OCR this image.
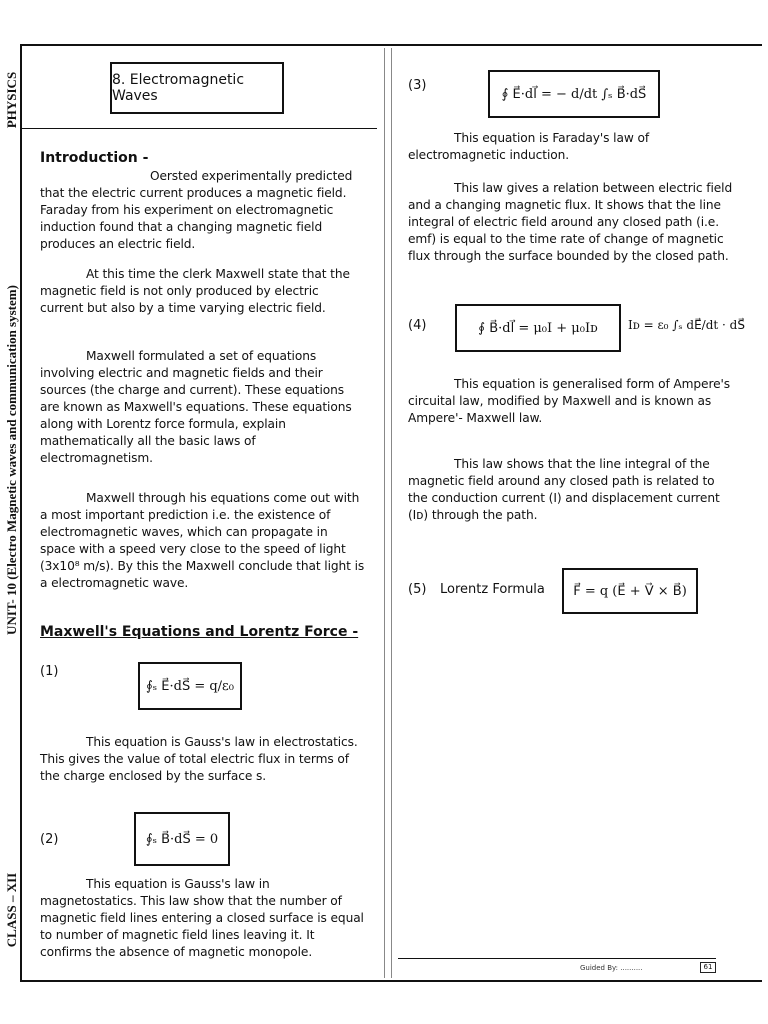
PHYSICS
UNIT- 10 (Electro Magnetic waves and communication system)
CLASS – XII
8. Electromagnetic Waves
Introduction -

Oersted experimentally predicted that the electric current produces a magnetic field. Faraday from his experiment on electromagnetic induction found that a changing magnetic field produces an electric field.

At this time the clerk Maxwell state that the magnetic field is not only produced by electric current but also by a time varying electric field.

Maxwell formulated a set of equations involving electric and magnetic fields and their sources (the charge and current). These equations are known as Maxwell's equations. These equations along with Lorentz force formula, explain mathematically all the basic laws of electromagnetism.

Maxwell through his equations come out with a most important prediction i.e. the existence of electromagnetic waves, which can propagate in space with a speed very close to the speed of light (3x10⁸ m/s). By this the Maxwell conclude that light is a electromagnetic wave.

Maxwell's Equations and Lorentz Force -
(1)
∮ₛ E⃗·dS⃗ = q/ε₀

This equation is Gauss's law in electrostatics. This gives the value of total electric flux in terms of the charge enclosed by the surface s.

(2)	∮ₛ B⃗·dS⃗ = 0

This equation is Gauss's law in magnetostatics. This law show that the number of magnetic field lines entering a closed surface is equal to number of magnetic field lines leaving it. It confirms the absence of magnetic monopole.

(3)
∮ E⃗·dl⃗ = − d/dt ∫ₛ B⃗·dS⃗

This equation is Faraday's law of electromagnetic induction.

This law gives a relation between electric field and a changing magnetic flux. It shows that the line integral of electric field around any closed path (i.e. emf) is equal to the time rate of change of magnetic flux through the surface bounded by the closed path.

(4)	∮ B⃗·dl⃗ = μ₀I + μ₀Iᴅ	Iᴅ = ε₀ ∫ₛ dE⃗/dt · dS⃗

This equation is generalised form of Ampere's circuital law, modified by Maxwell and is known as Ampere'- Maxwell law.

This law shows that the line integral of the magnetic field around any closed path is related to the conduction current (I) and displacement current (Iᴅ) through the path.

(5) Lorentz Formula	F⃗ = q (E⃗ + V⃗ × B⃗)
Guided By: ..........	61
